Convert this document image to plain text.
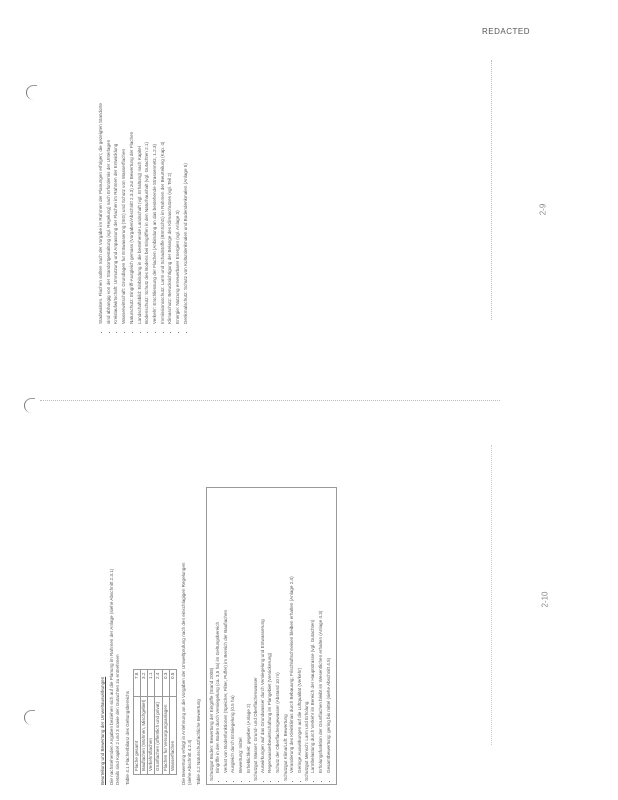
REDACTED
2-9
2-10
• Stadtwalsen. Flachen sollten nach der Vorgabe im Rahmen der Planungen erfolgen; die gezeigten Standorte • sind abhangig von der Standortgestaltung (vgl. Regelung) nach Erfordernis der Unterlagen • Kreislaufwirtschaft: Umnutzung und Anpassung der Flachen im Rahmen der Entwicklung • Wasserwirtschaft: Grundlagen fur Entwasserung (SIG) und Schutz von Wasserflachen • Naturschutz: Eingriff-Ausgleich gemass (Vorgaben/Abschnitt 2.3.3) zur Bewertung der Flachen • Landschaftsbild: Einbindung in die bestehende Landschaft (vgl. Erhaltung) nach Kapitel • Bodenschutz: Schutz des Bodens bei Eingriffen in den Naturhaushalt (vgl. Gutachten 2.1) • Verkehr: Erschliessung der Flachen (Anbindung an das bestehende Strassennetz, 1.2.3) • Immissionsschutz: Larm und Schadstoffe (BImSchG) im Rahmen der Beurteilung (Kap. 4) • Klimaschutz: Berucksichtigung der Belange des Klimaschutzes (vgl. Teil 2) • Energie: Nutzung erneuerbarer Energien (vgl. Anlage 3) • Denkmalschutz: Schutz von Kulturdenkmalen und Bodendenkmalen (Anlage 5)
Beurteilung und Bewertung der Umweltauswirkungen Die nachstehenden Angaben beziehen sich auf die Planung im Rahmen der Anlage (siehe Abschnitt 2.3.1) Details sind Kapitel 2 und 3 sowie den Gutachten zu entnehmen Table 4.1 Flachenbilanz des Geltungsbereichs Flache gesamt	7.8
Bauflachen (Wohnen, Mischgebiet)	3.2
Verkehrsflachen	1.1
Grunflachen (offentlich und privat)	2.4
Flachen fur Versorgungsanlagen	0.3
Wasserflachen	0.8 Die Bewertung erfolgt in Anlehnung an die Vorgaben der Umweltprufung nach den einschlagigen Regelungen (siehe Abschnitt 4.2.4) Table 4.2 Naturschutzfachliche Bewertung Schutzgut Boden: Bewertung der Eingriffe (Stand 2008) • Eingriffe in den Boden durch Versiegelung (ca. 3,5 ha) im Geltungsbereich • Verlust von Bodenfunktionen (Speicher, Filter, Puffer) im Bereich der Bauflachen • Ausgleich durch Entsiegelung (0.5 ha) • Bewertung: mittel • Erheblichkeit: gegeben (Anlage 2) Schutzgut Wasser: Grund- und Oberflachenwasser • Auswirkungen auf das Grundwasser durch Versiegelung und Entwasserung • Regenwasserbewirtschaftung im Plangebiet (Versickerung) • Schutz der Oberflachengewasser (Abstand 10 m) Schutzgut Klima/Luft: Bewertung • Veranderung des Kleinklimas durch Bebauung; Frischluftschneisen bleiben erhalten (Anlage 2.4) • Geringe Auswirkungen auf die Luftqualitat (Verkehr) Schutzgut Mensch: Larm und Erholung • Larmbelastung durch Verkehr im Bereich der Hauptstrasse (vgl. Gutachten) • Erholungsfunktion der Grunflachen bleibt im Wesentlichen erhalten (Anlage 4.3) • Gesamtbewertung: gering bis mittel (siehe Abschnitt 4.5)
